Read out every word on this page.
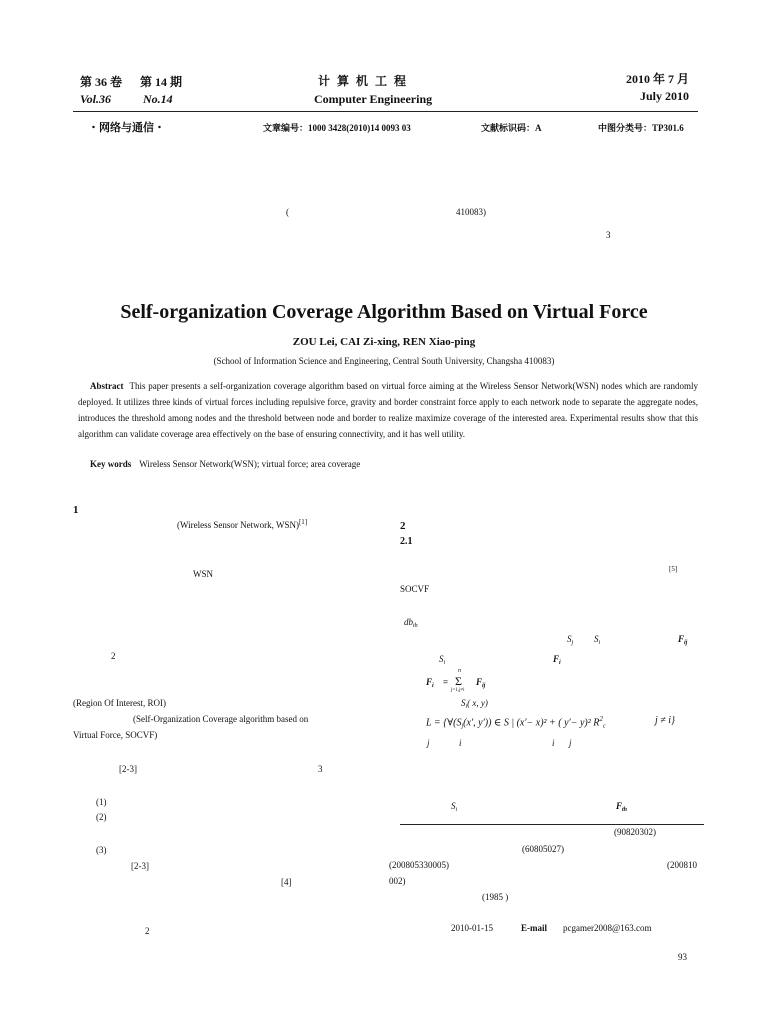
第 36 卷 第 14 期
Vol.36	No.14
计 算 机 工 程
Computer Engineering
2010 年 7 月
July 2010
・网络与通信・	文章编号：1000 3428(2010)14 0093 03	文献标识码：A	中图分类号：TP301.6
(	410083)
3
Self-organization Coverage Algorithm Based on Virtual Force
ZOU Lei, CAI Zi-xing, REN Xiao-ping
(School of Information Science and Engineering, Central South University, Changsha 410083)
Abstract This paper presents a self-organization coverage algorithm based on virtual force aiming at the Wireless Sensor Network(WSN) nodes which are randomly deployed. It utilizes three kinds of virtual forces including repulsive force, gravity and border constraint force apply to each network node to separate the aggregate nodes, introduces the threshold among nodes and the threshold between node and border to realize maximize coverage of the interested area. Experimental results show that this algorithm can validate coverage area effectively on the base of ensuring connectivity, and it has well utility.
Key words Wireless Sensor Network(WSN); virtual force; area coverage
1
(Wireless Sensor Network, WSN)[1]
WSN
2
(Region Of Interest, ROI)
(Self-Organization Coverage algorithm based on
Virtual Force, SOCVF)
[2-3]	3
(1)
(2)
(3)
[2-3]
[4]
2
2
2.1
[5]
SOCVF
$db_{th}$
$S_j$ $S_i$	$F_{ij}$
$S_i$	$F_i$
$F_i$ =
n
Σ
j=1,j≠i
$F_{ij}$
$S_i$( x, y)
$L = \{\forall(S_j(x'$, y′)) ∈ S | (x′− x)² + ( y′− y)² $R^2_c$
j ≠ i}
j	i	i j
$S_i$	$F_{th}$
(90820302)
(60805027)
(200805330005)	(200810
002)
(1985 )
2010-01-15	E-mail pcgamer2008@163.com
93
